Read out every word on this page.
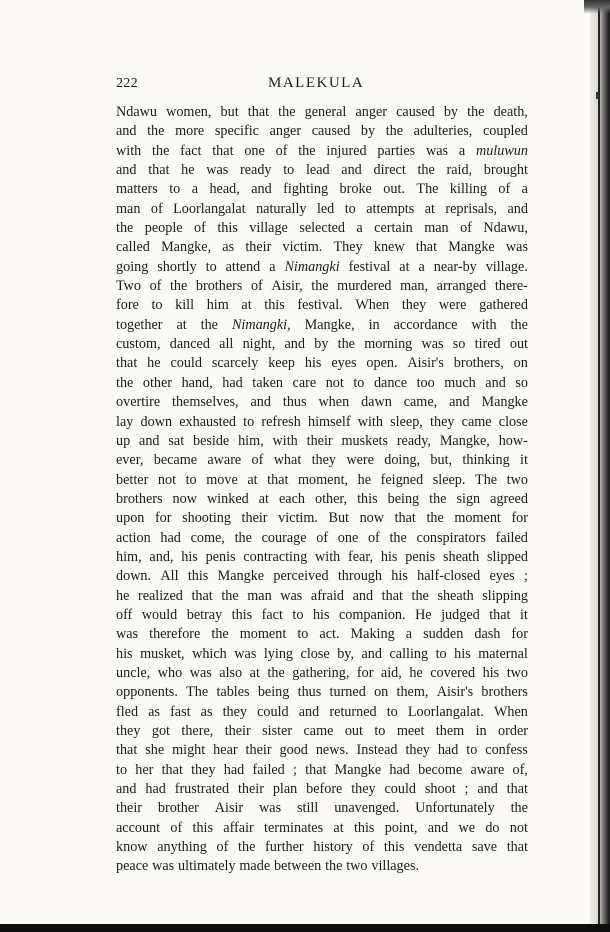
222	MALEKULA
Ndawu women, but that the general anger caused by the death,
and the more specific anger caused by the adulteries, coupled
with the fact that one of the injured parties was a muluwun
and that he was ready to lead and direct the raid, brought
matters to a head, and fighting broke out. The killing of a
man of Loorlangalat naturally led to attempts at reprisals, and
the people of this village selected a certain man of Ndawu,
called Mangke, as their victim. They knew that Mangke was
going shortly to attend a Nimangki festival at a near-by village.
Two of the brothers of Aisir, the murdered man, arranged there-
fore to kill him at this festival. When they were gathered
together at the Nimangki, Mangke, in accordance with the
custom, danced all night, and by the morning was so tired out
that he could scarcely keep his eyes open. Aisir's brothers, on
the other hand, had taken care not to dance too much and so
overtire themselves, and thus when dawn came, and Mangke
lay down exhausted to refresh himself with sleep, they came close
up and sat beside him, with their muskets ready, Mangke, how-
ever, became aware of what they were doing, but, thinking it
better not to move at that moment, he feigned sleep. The two
brothers now winked at each other, this being the sign agreed
upon for shooting their victim. But now that the moment for
action had come, the courage of one of the conspirators failed
him, and, his penis contracting with fear, his penis sheath slipped
down. All this Mangke perceived through his half-closed eyes ;
he realized that the man was afraid and that the sheath slipping
off would betray this fact to his companion. He judged that it
was therefore the moment to act. Making a sudden dash for
his musket, which was lying close by, and calling to his maternal
uncle, who was also at the gathering, for aid, he covered his two
opponents. The tables being thus turned on them, Aisir's brothers
fled as fast as they could and returned to Loorlangalat. When
they got there, their sister came out to meet them in order
that she might hear their good news. Instead they had to confess
to her that they had failed ; that Mangke had become aware of,
and had frustrated their plan before they could shoot ; and that
their brother Aisir was still unavenged. Unfortunately the
account of this affair terminates at this point, and we do not
know anything of the further history of this vendetta save that
peace was ultimately made between the two villages.
